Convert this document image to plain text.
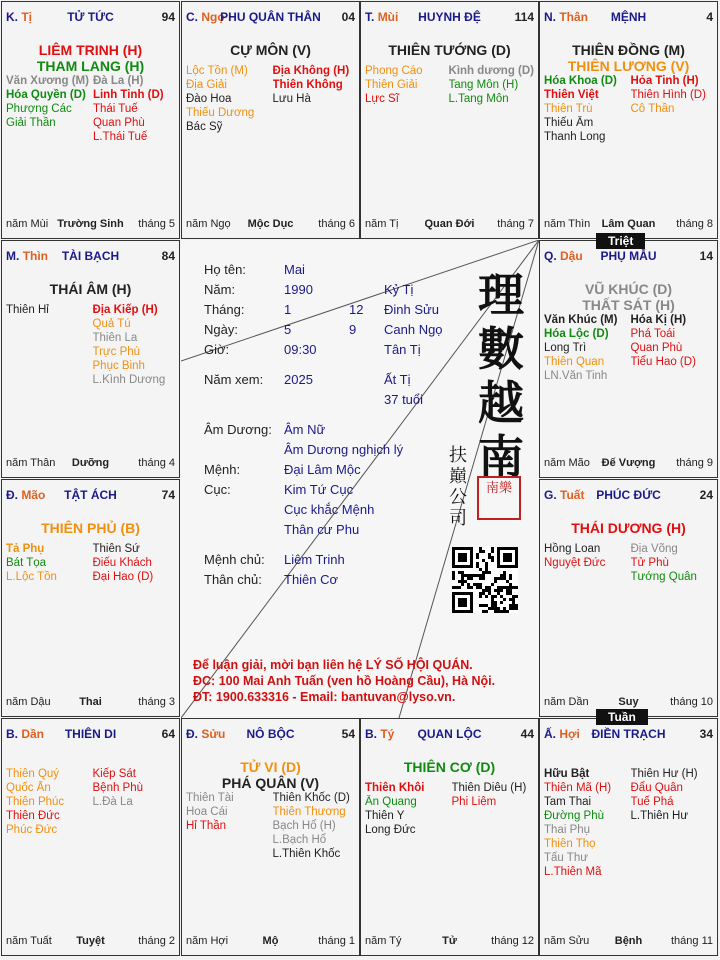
K. Tị	TỬ TỨC	94
LIÊM TRINH (H)
THAM LANG (H)
Văn Xương (M)
Hóa Quyền (D)
Phượng Các
Giải Thần
Đà La (H)
Linh Tinh (D)
Thái Tuế
Quan Phù
L.Thái Tuế
năm Mùi Trường Sinh	tháng 5
C. Ngọ
PHU QUÂN THÂN	04
CỰ MÔN (V)
Lộc Tồn (M)
Địa Giải
Đào Hoa
Thiếu Dương
Bác Sỹ
Địa Không (H)
Thiên Không
Lưu Hà
năm Ngọ	Mộc Dục	tháng 6
T. Mùi	HUYNH ĐỆ	114
THIÊN TƯỚNG (D)
Phong Cáo
Thiên Giải
Lực Sĩ
Kình dương (D)
Tang Môn (H)
L.Tang Môn
năm Tị	Quan Đới	tháng 7
N. Thân	MỆNH	4
THIÊN ĐỒNG (M)
THIÊN LƯƠNG (V)
Hóa Khoa (D)
Thiên Việt
Thiên Trù
Thiếu Âm
Thanh Long
Hỏa Tinh (H)
Thiên Hình (D)
Cô Thần
năm Thìn	Lâm Quan	tháng 8
M. Thìn	TÀI BẠCH	84
THÁI ÂM (H)
Thiên Hỉ	Địa Kiếp (H)
Quả Tú
Thiên La
Trực Phù
Phục Binh
L.Kình Dương
năm Thân	Dưỡng	tháng 4
Q. Dậu	PHỤ MẪU	14
VŨ KHÚC (D)
THẤT SÁT (H)
Văn Khúc (M)
Hóa Lộc (D)
Long Trì
Thiên Quan
LN.Văn Tinh
Hóa Kị (H)
Phá Toái
Quan Phù
Tiểu Hao (D)
năm Mão	Đế Vượng	tháng 9
Đ. Mão	TẬT ÁCH	74
THIÊN PHỦ (B)
Tả Phụ
Bát Tọa
L.Lộc Tồn
Thiên Sứ
Điếu Khách
Đại Hao (D)
năm Dậu	Thai	tháng 3
G. Tuất PHÚC ĐỨC	24
THÁI DƯƠNG (H)
Hồng Loan
Nguyệt Đức
Địa Võng
Tử Phù
Tướng Quân
năm Dần	Suy	tháng 10
B. Dần	THIÊN DI	64
Thiên Quý
Quốc Ấn
Thiên Phúc
Thiên Đức
Phúc Đức
Kiếp Sát
Bệnh Phù
L.Đà La
năm Tuất	Tuyệt	tháng 2
Đ. Sửu	NÔ BỘC	54
TỬ VI (D)
PHÁ QUÂN (V)
Thiên Tài
Hoa Cái
Hỉ Thần
Thiên Khốc (D)
Thiên Thương
Bạch Hổ (H)
L.Bạch Hổ
L.Thiên Khốc
năm Hợi	Mộ	tháng 1
B. Tý	QUAN LỘC	44
THIÊN CƠ (D)
Thiên Khôi
Ân Quang
Thiên Y
Long Đức
Thiên Diêu (H)
Phi Liêm
năm Tý	Tử	tháng 12
Ấ. Hợi ĐIỀN TRẠCH	34
Hữu Bật
Thiên Mã (H)
Tam Thai
Đường Phù
Thai Phụ
Thiên Thọ
Tấu Thư
L.Thiên Mã
Thiên Hư (H)
Đẩu Quân
Tuế Phá
L.Thiên Hư
năm Sửu	Bệnh	tháng 11
Triệt
Tuần
Họ tên:	Mai
Năm:	1990	Kỷ Tị
Tháng:	1	12 Đinh Sửu
Ngày:	5	9 Canh Ngọ
Giờ:	09:30	Tân Tị
Năm xem: 2025	Ất Tị
37 tuổi
Âm Dương: Âm Nữ
Âm Dương nghịch lý
Mệnh:	Đại Lâm Mộc
Cục:	Kim Tứ Cục
Cục khắc Mệnh
Thân cư Phu
Mệnh chủ: Liêm Trinh
Thân chủ: Thiên Cơ
理
數
越
南
扶
巔
公
司
南樂
Để luận giải, mời bạn liên hệ LÝ SỐ HỘI QUÁN.
ĐC: 100 Mai Anh Tuấn (ven hồ Hoàng Cầu), Hà Nội.
ĐT: 1900.633316 - Email: bantuvan@lyso.vn.
